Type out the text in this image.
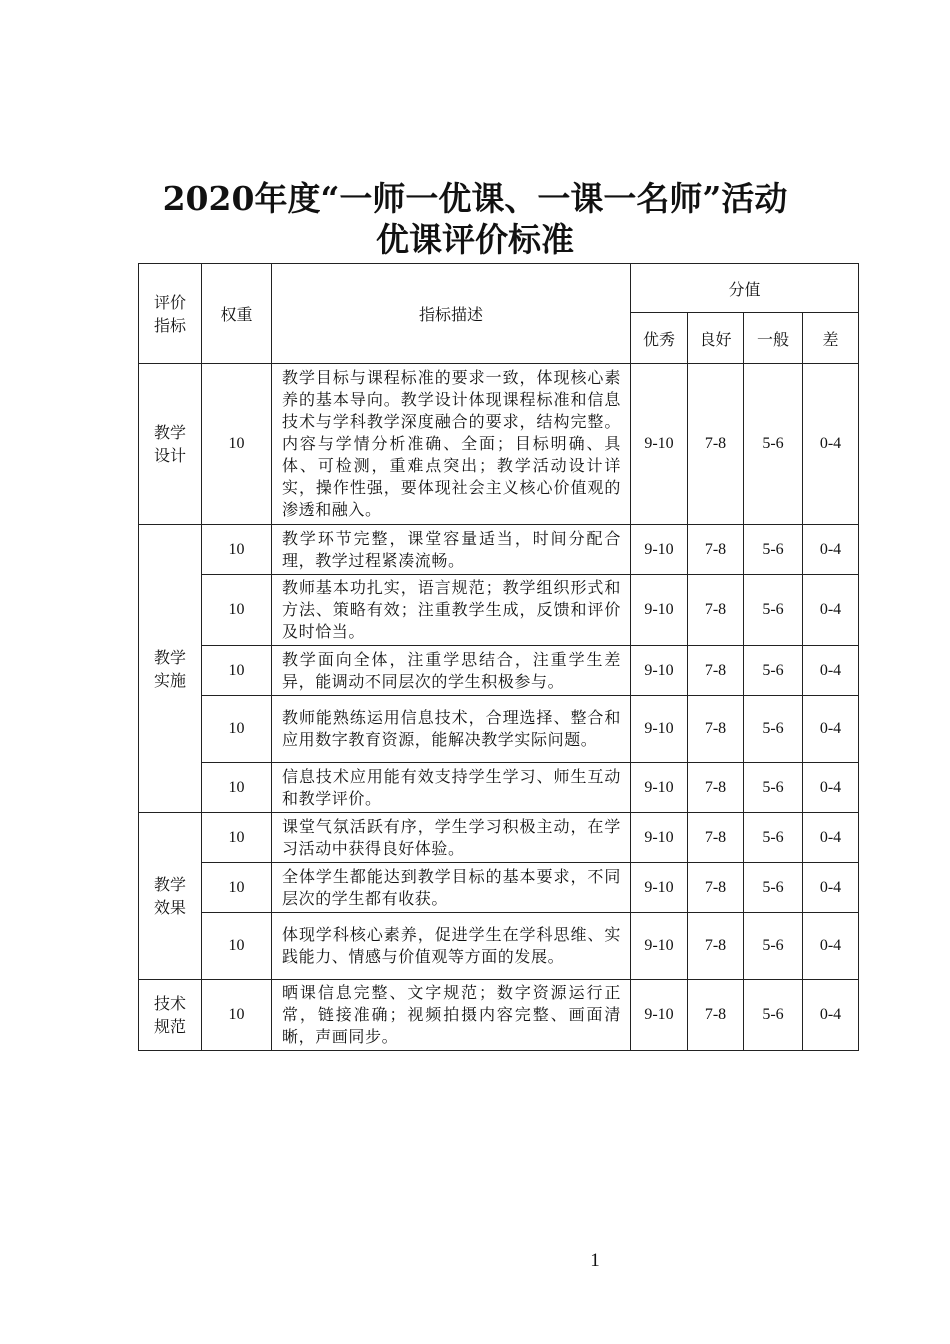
2020年度“一师一优课、一课一名师”活动
优课评价标准
评价
指标	权重	指标描述	分值			
			优秀	良好	一般	差

教学
设计	10	教学目标与课程标准的要求一致，体现核心素养的基本导向。教学设计体现课程标准和信息技术与学科教学深度融合的要求，结构完整。内容与学情分析准确、全面；目标明确、具体、可检测，重难点突出；教学活动设计详实，操作性强，要体现社会主义核心价值观的渗透和融入。	9-10	7-8	5-6	0-4

教学
实施	10	教学环节完整，课堂容量适当，时间分配合理，教学过程紧凑流畅。	9-10	7-8	5-6	0-4
	10	教师基本功扎实，语言规范；教学组织形式和方法、策略有效；注重教学生成，反馈和评价及时恰当。	9-10	7-8	5-6	0-4
	10	教学面向全体，注重学思结合，注重学生差异，能调动不同层次的学生积极参与。	9-10	7-8	5-6	0-4
	10	教师能熟练运用信息技术，合理选择、整合和应用数字教育资源，能解决教学实际问题。	9-10	7-8	5-6	0-4
	10	信息技术应用能有效支持学生学习、师生互动和教学评价。	9-10	7-8	5-6	0-4

教学
效果	10	课堂气氛活跃有序，学生学习积极主动，在学习活动中获得良好体验。	9-10	7-8	5-6	0-4
	10	全体学生都能达到教学目标的基本要求，不同层次的学生都有收获。	9-10	7-8	5-6	0-4
	10	体现学科核心素养，促进学生在学科思维、实践能力、情感与价值观等方面的发展。	9-10	7-8	5-6	0-4

技术
规范	10	晒课信息完整、文字规范；数字资源运行正常，链接准确；视频拍摄内容完整、画面清晰，声画同步。	9-10	7-8	5-6	0-4
1
